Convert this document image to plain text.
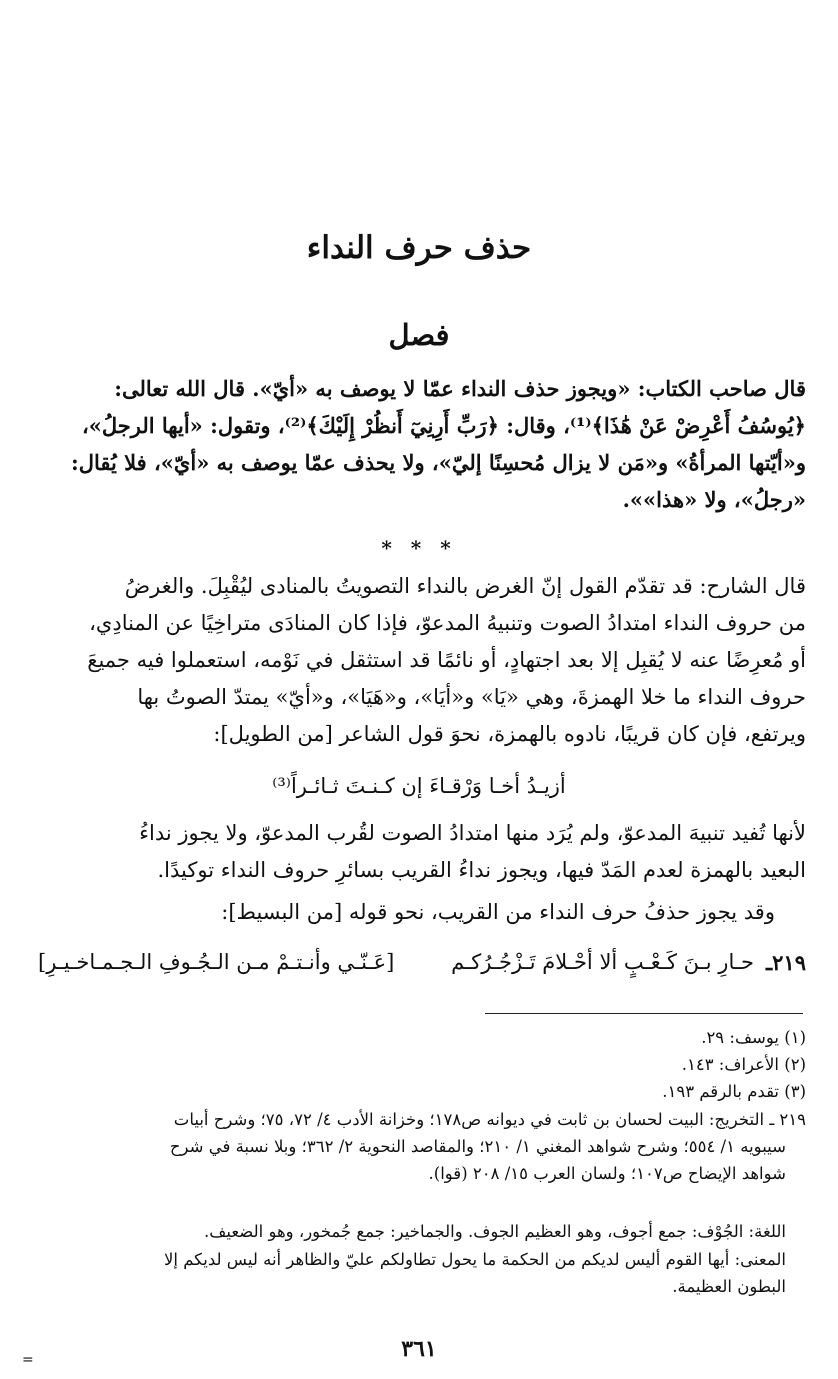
حذف حرف النداء
فصل
قال صاحب الكتاب: «ويجوز حذف النداء عمّا لا يوصف به «أيّ». قال الله تعالى:
﴿يُوسُفُ أَعْرِضْ عَنْ هَٰذَا﴾⁽¹⁾، وقال: ﴿رَبِّ أَرِنِيٓ أَنظُرْ إِلَيْكَ﴾⁽²⁾، وتقول: «أيها الرجلُ»،
و«أيّتها المرأةُ» و«مَن لا يزال مُحسِنًا إليّ»، ولا يحذف عمّا يوصف به «أيّ»، فلا يُقال:
«رجلُ»، ولا «هذا»».
* * *
قال الشارح: قد تقدّم القول إنّ الغرض بالنداء التصويتُ بالمنادى ليُقْبِلَ. والغرضُ
من حروف النداء امتدادُ الصوت وتنبيهُ المدعوّ، فإذا كان المنادَى متراخِيًا عن المنادِي،
أو مُعرِضًا عنه لا يُقبِل إلا بعد اجتهادٍ، أو نائمًا قد استثقل في نَوْمه، استعملوا فيه جميعَ
حروف النداء ما خلا الهمزةَ، وهي «يَا» و«أيَا»، و«هَيَا»، و«أيّ» يمتدّ الصوتُ بها
ويرتفع، فإن كان قريبًا، نادوه بالهمزة، نحوَ قول الشاعر [من الطويل]:
أزيـدُ أخـا وَرْقـاءَ إن كـنـتَ ثـائـراً⁽³⁾
لأنها تُفيد تنبيهَ المدعوّ، ولم يُرَد منها امتدادُ الصوت لقُرب المدعوّ، ولا يجوز نداءُ
البعيد بالهمزة لعدم المَدّ فيها، ويجوز نداءُ القريب بسائرِ حروف النداء توكيدًا.
وقد يجوز حذفُ حرف النداء من القريب، نحو قوله [من البسيط]:
٢١٩ـ
حـارِ بـنَ كَـعْـبٍ ألا أحْـلامَ تَـزْجُـرُكـم
[عَـنّـي وأنـتـمْ مـن الـجُـوفِ الـجـمـاخـيـرِ]
(١) يوسف: ٢٩.
(٢) الأعراف: ١٤٣.
(٣) تقدم بالرقم ١٩٣.
٢١٩ ـ التخريج: البيت لحسان بن ثابت في ديوانه ص١٧٨؛ وخزانة الأدب ٤/ ٧٢، ٧٥؛ وشرح أبيات
سيبويه ١/ ٥٥٤؛ وشرح شواهد المغني ١/ ٢١٠؛ والمقاصد النحوية ٢/ ٣٦٢؛ وبلا نسبة في شرح
شواهد الإيضاح ص١٠٧؛ ولسان العرب ١٥/ ٢٠٨ (قوا).
اللغة: الجُوْف: جمع أجوف، وهو العظيم الجوف. والجماخير: جمع جُمخور، وهو الضعيف.
المعنى: أيها القوم أليس لديكم من الحكمة ما يحول تطاولكم عليّ والظاهر أنه ليس لديكم إلا
البطون العظيمة.
=	٣٦١
